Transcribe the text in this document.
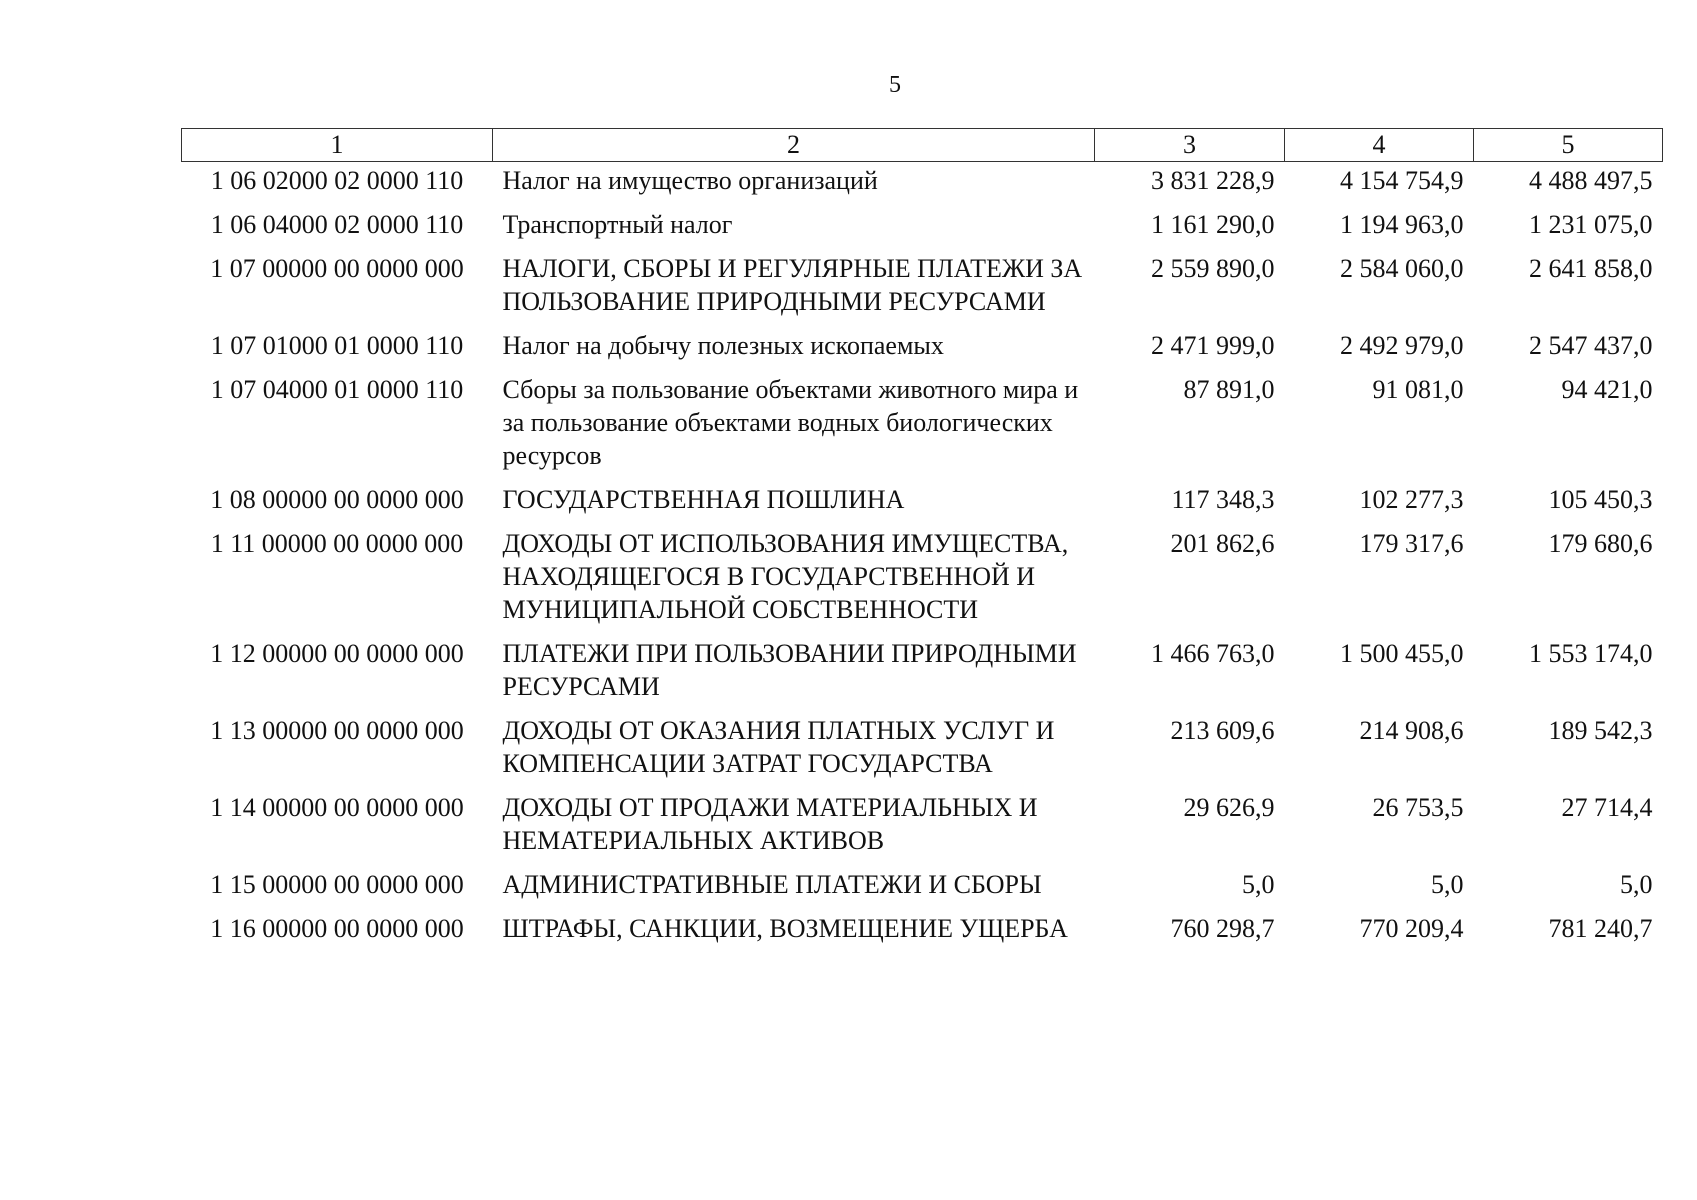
5
1	2	3	4	5
1 06 02000 02 0000 110	Налог на имущество организаций	3 831 228,9	4 154 754,9	4 488 497,5
1 06 04000 02 0000 110	Транспортный налог	1 161 290,0	1 194 963,0	1 231 075,0
1 07 00000 00 0000 000	НАЛОГИ, СБОРЫ И РЕГУЛЯРНЫЕ ПЛАТЕЖИ ЗА ПОЛЬЗОВАНИЕ ПРИРОДНЫМИ РЕСУРСАМИ	2 559 890,0	2 584 060,0	2 641 858,0
1 07 01000 01 0000 110	Налог на добычу полезных ископаемых	2 471 999,0	2 492 979,0	2 547 437,0
1 07 04000 01 0000 110	Сборы за пользование объектами животного мира и за пользование объектами водных биологических ресурсов	87 891,0	91 081,0	94 421,0
1 08 00000 00 0000 000	ГОСУДАРСТВЕННАЯ ПОШЛИНА	117 348,3	102 277,3	105 450,3
1 11 00000 00 0000 000	ДОХОДЫ ОТ ИСПОЛЬЗОВАНИЯ ИМУЩЕСТВА, НАХОДЯЩЕГОСЯ В ГОСУДАРСТВЕННОЙ И МУНИЦИПАЛЬНОЙ СОБСТВЕННОСТИ	201 862,6	179 317,6	179 680,6
1 12 00000 00 0000 000	ПЛАТЕЖИ ПРИ ПОЛЬЗОВАНИИ ПРИРОДНЫМИ РЕСУРСАМИ	1 466 763,0	1 500 455,0	1 553 174,0
1 13 00000 00 0000 000	ДОХОДЫ ОТ ОКАЗАНИЯ ПЛАТНЫХ УСЛУГ И КОМПЕНСАЦИИ ЗАТРАТ ГОСУДАРСТВА	213 609,6	214 908,6	189 542,3
1 14 00000 00 0000 000	ДОХОДЫ ОТ ПРОДАЖИ МАТЕРИАЛЬНЫХ И НЕМАТЕРИАЛЬНЫХ АКТИВОВ	29 626,9	26 753,5	27 714,4
1 15 00000 00 0000 000	АДМИНИСТРАТИВНЫЕ ПЛАТЕЖИ И СБОРЫ	5,0	5,0	5,0
1 16 00000 00 0000 000	ШТРАФЫ, САНКЦИИ, ВОЗМЕЩЕНИЕ УЩЕРБА	760 298,7	770 209,4	781 240,7
